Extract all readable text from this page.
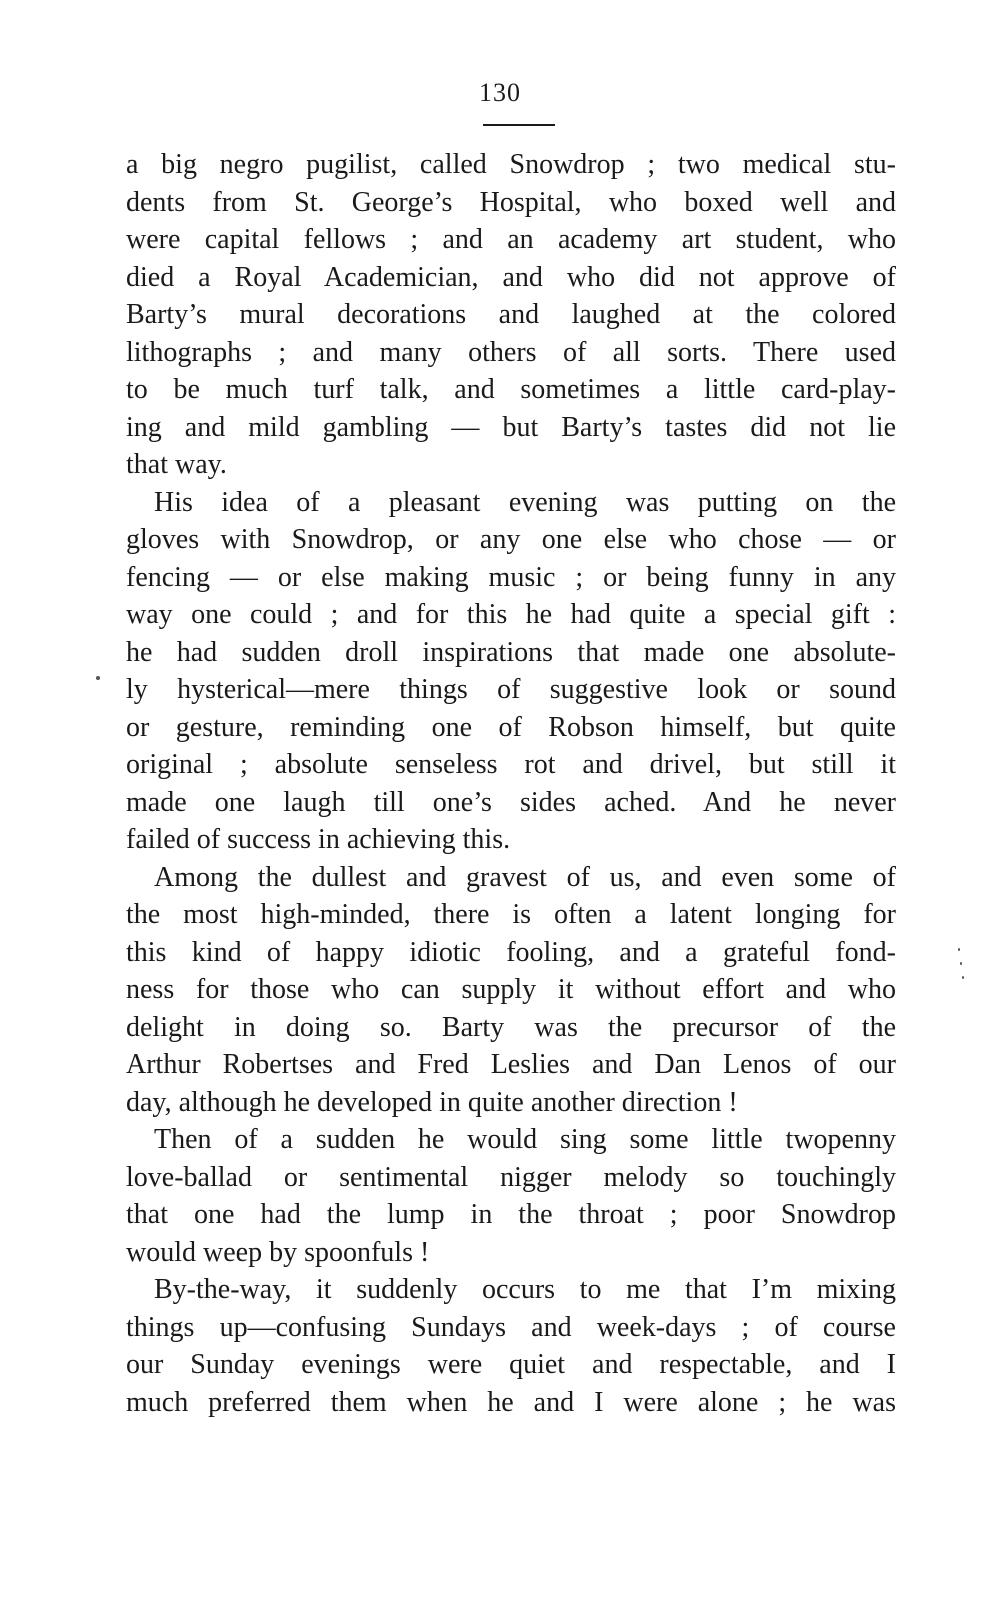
130
a big negro pugilist, called Snowdrop ; two medical stu-
dents from St. George’s Hospital, who boxed well and
were capital fellows ; and an academy art student, who
died a Royal Academician, and who did not approve of
Barty’s mural decorations and laughed at the colored
lithographs ; and many others of all sorts. There used
to be much turf talk, and sometimes a little card-play-
ing and mild gambling — but Barty’s tastes did not lie
that way.
His idea of a pleasant evening was putting on the
gloves with Snowdrop, or any one else who chose — or
fencing — or else making music ; or being funny in any
way one could ; and for this he had quite a special gift :
he had sudden droll inspirations that made one absolute-
ly hysterical—mere things of suggestive look or sound
or gesture, reminding one of Robson himself, but quite
original ; absolute senseless rot and drivel, but still it
made one laugh till one’s sides ached. And he never
failed of success in achieving this.
Among the dullest and gravest of us, and even some of
the most high-minded, there is often a latent longing for
this kind of happy idiotic fooling, and a grateful fond-
ness for those who can supply it without effort and who
delight in doing so. Barty was the precursor of the
Arthur Robertses and Fred Leslies and Dan Lenos of our
day, although he developed in quite another direction !
Then of a sudden he would sing some little twopenny
love-ballad or sentimental nigger melody so touchingly
that one had the lump in the throat ; poor Snowdrop
would weep by spoonfuls !
By-the-way, it suddenly occurs to me that I’m mixing
things up—confusing Sundays and week-days ; of course
our Sunday evenings were quiet and respectable, and I
much preferred them when he and I were alone ; he was
